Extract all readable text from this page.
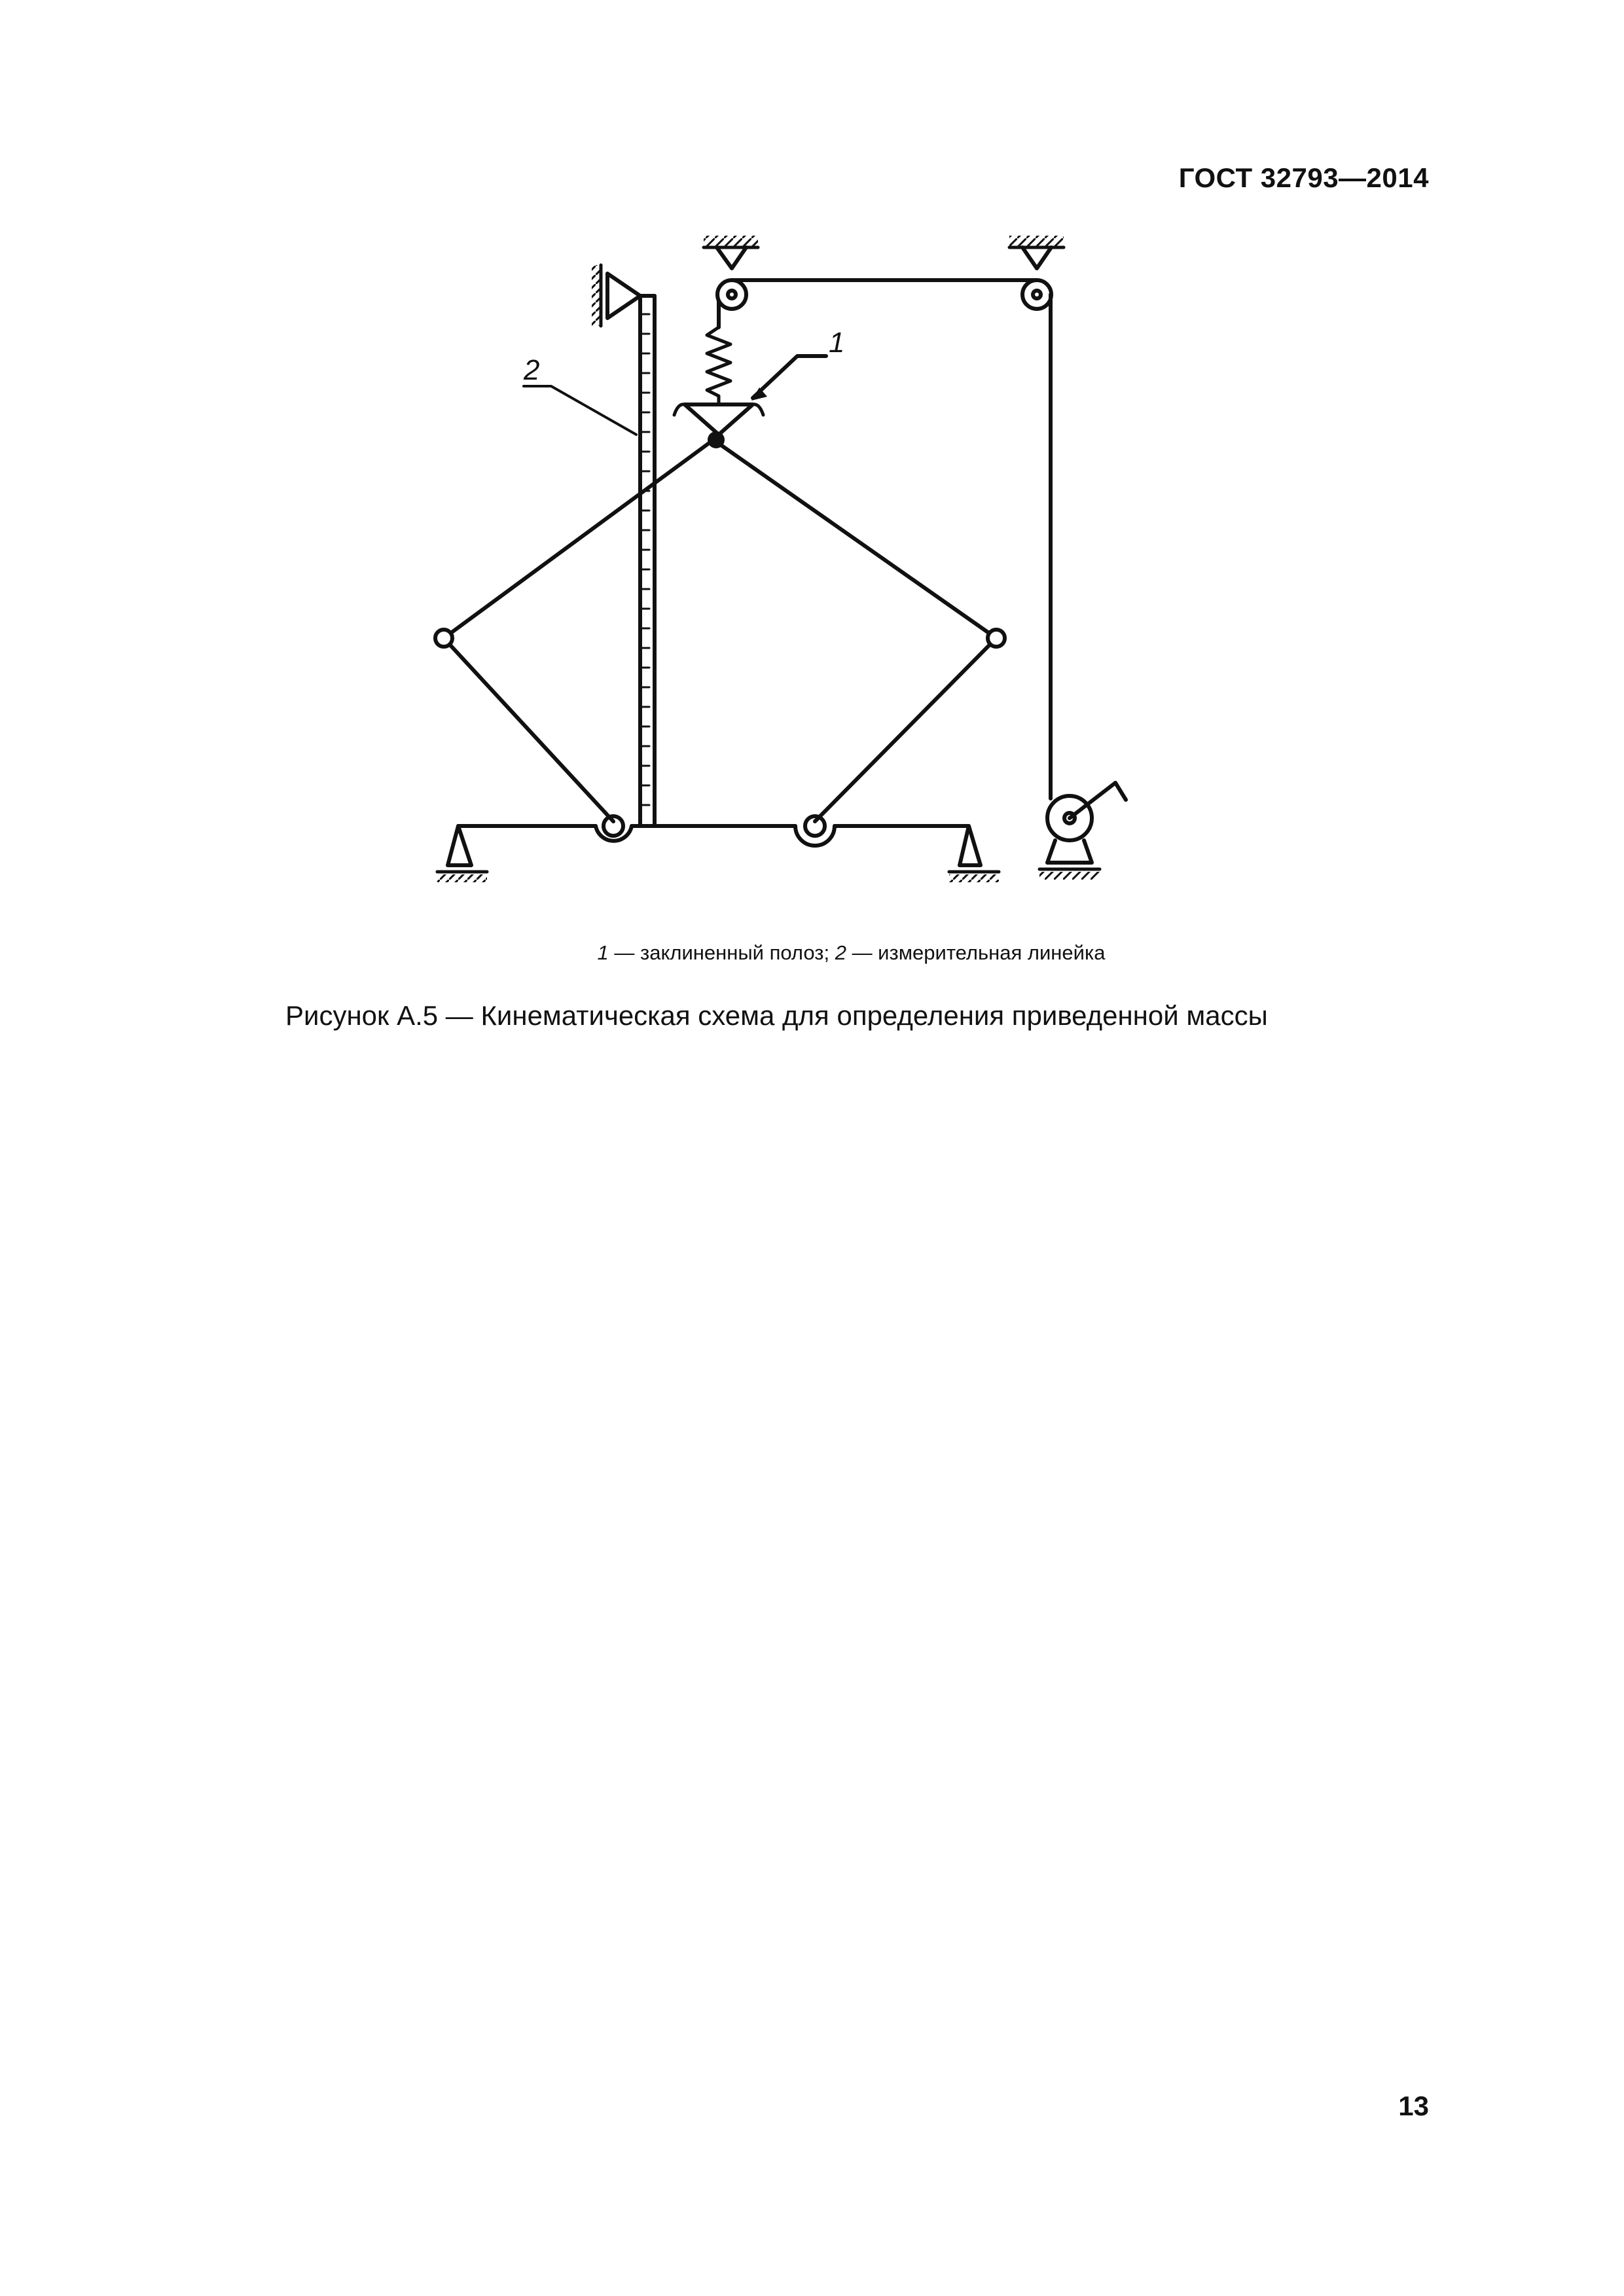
ГОСТ 32793—2014
1
2
1 — заклиненный полоз; 2 — измерительная линейка
Рисунок А.5 — Кинематическая схема для определения приведенной массы
13
